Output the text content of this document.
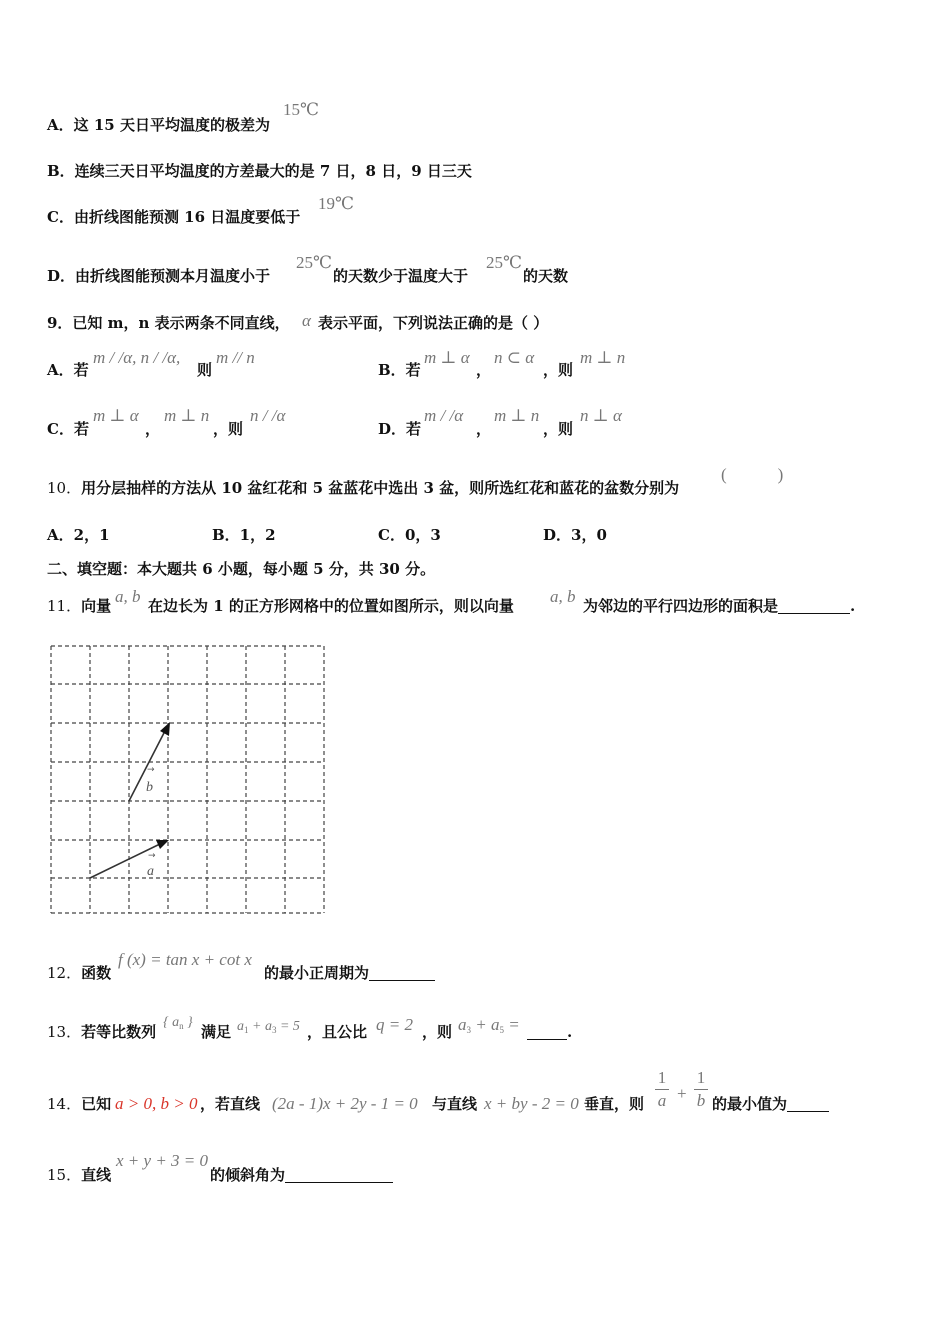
A．这 15 天日平均温度的极差为
15℃
B．连续三天日平均温度的方差最大的是 7 日，8 日，9 日三天
C．由折线图能预测 16 日温度要低于
19℃
D．由折线图能预测本月温度小于
25℃
的天数少于温度大于
25℃
的天数
9．已知 m，n 表示两条不同直线， α 表示平面，下列说法正确的是（ ）
A．若
m / /α, n / /α,
则
m // n
B．若
m ⊥ α
，
n ⊂ α
，则
m ⊥ n
C．若
m ⊥ α
，
m ⊥ n
，则
n / /α
D．若
m / /α
，
m ⊥ n
，则
n ⊥ α
10．用分层抽样的方法从 10 盆红花和 5 盆蓝花中选出 3 盆，则所选红花和蓝花的盆数分别为
(　　　)
A．2，1	B．1，2	C．0，3	D．3，0
二、填空题：本大题共 6 小题，每小题 5 分，共 30 分。
11．向量 a, b 在边长为 1 的正方形网格中的位置如图所示，则以向量 a, b 为邻边的平行四边形的面积是	.
b
→
a
→
12．函数
f (x) = tan x + cot x
的最小正周期为
13．若等比数列
{ $a_n$ }
满足 $a_1 + a_3 = 5$ ，且公比 q = 2 ，则 $a_3 + a_5$ =	.
14．已知 a > 0, b > 0 ，若直线 (2a - 1)x + 2y - 1 = 0 与直线 x + by - 2 = 0 垂直，则
1
a +
1
b 的最小值为
15．直线
x + y + 3 = 0
的倾斜角为
